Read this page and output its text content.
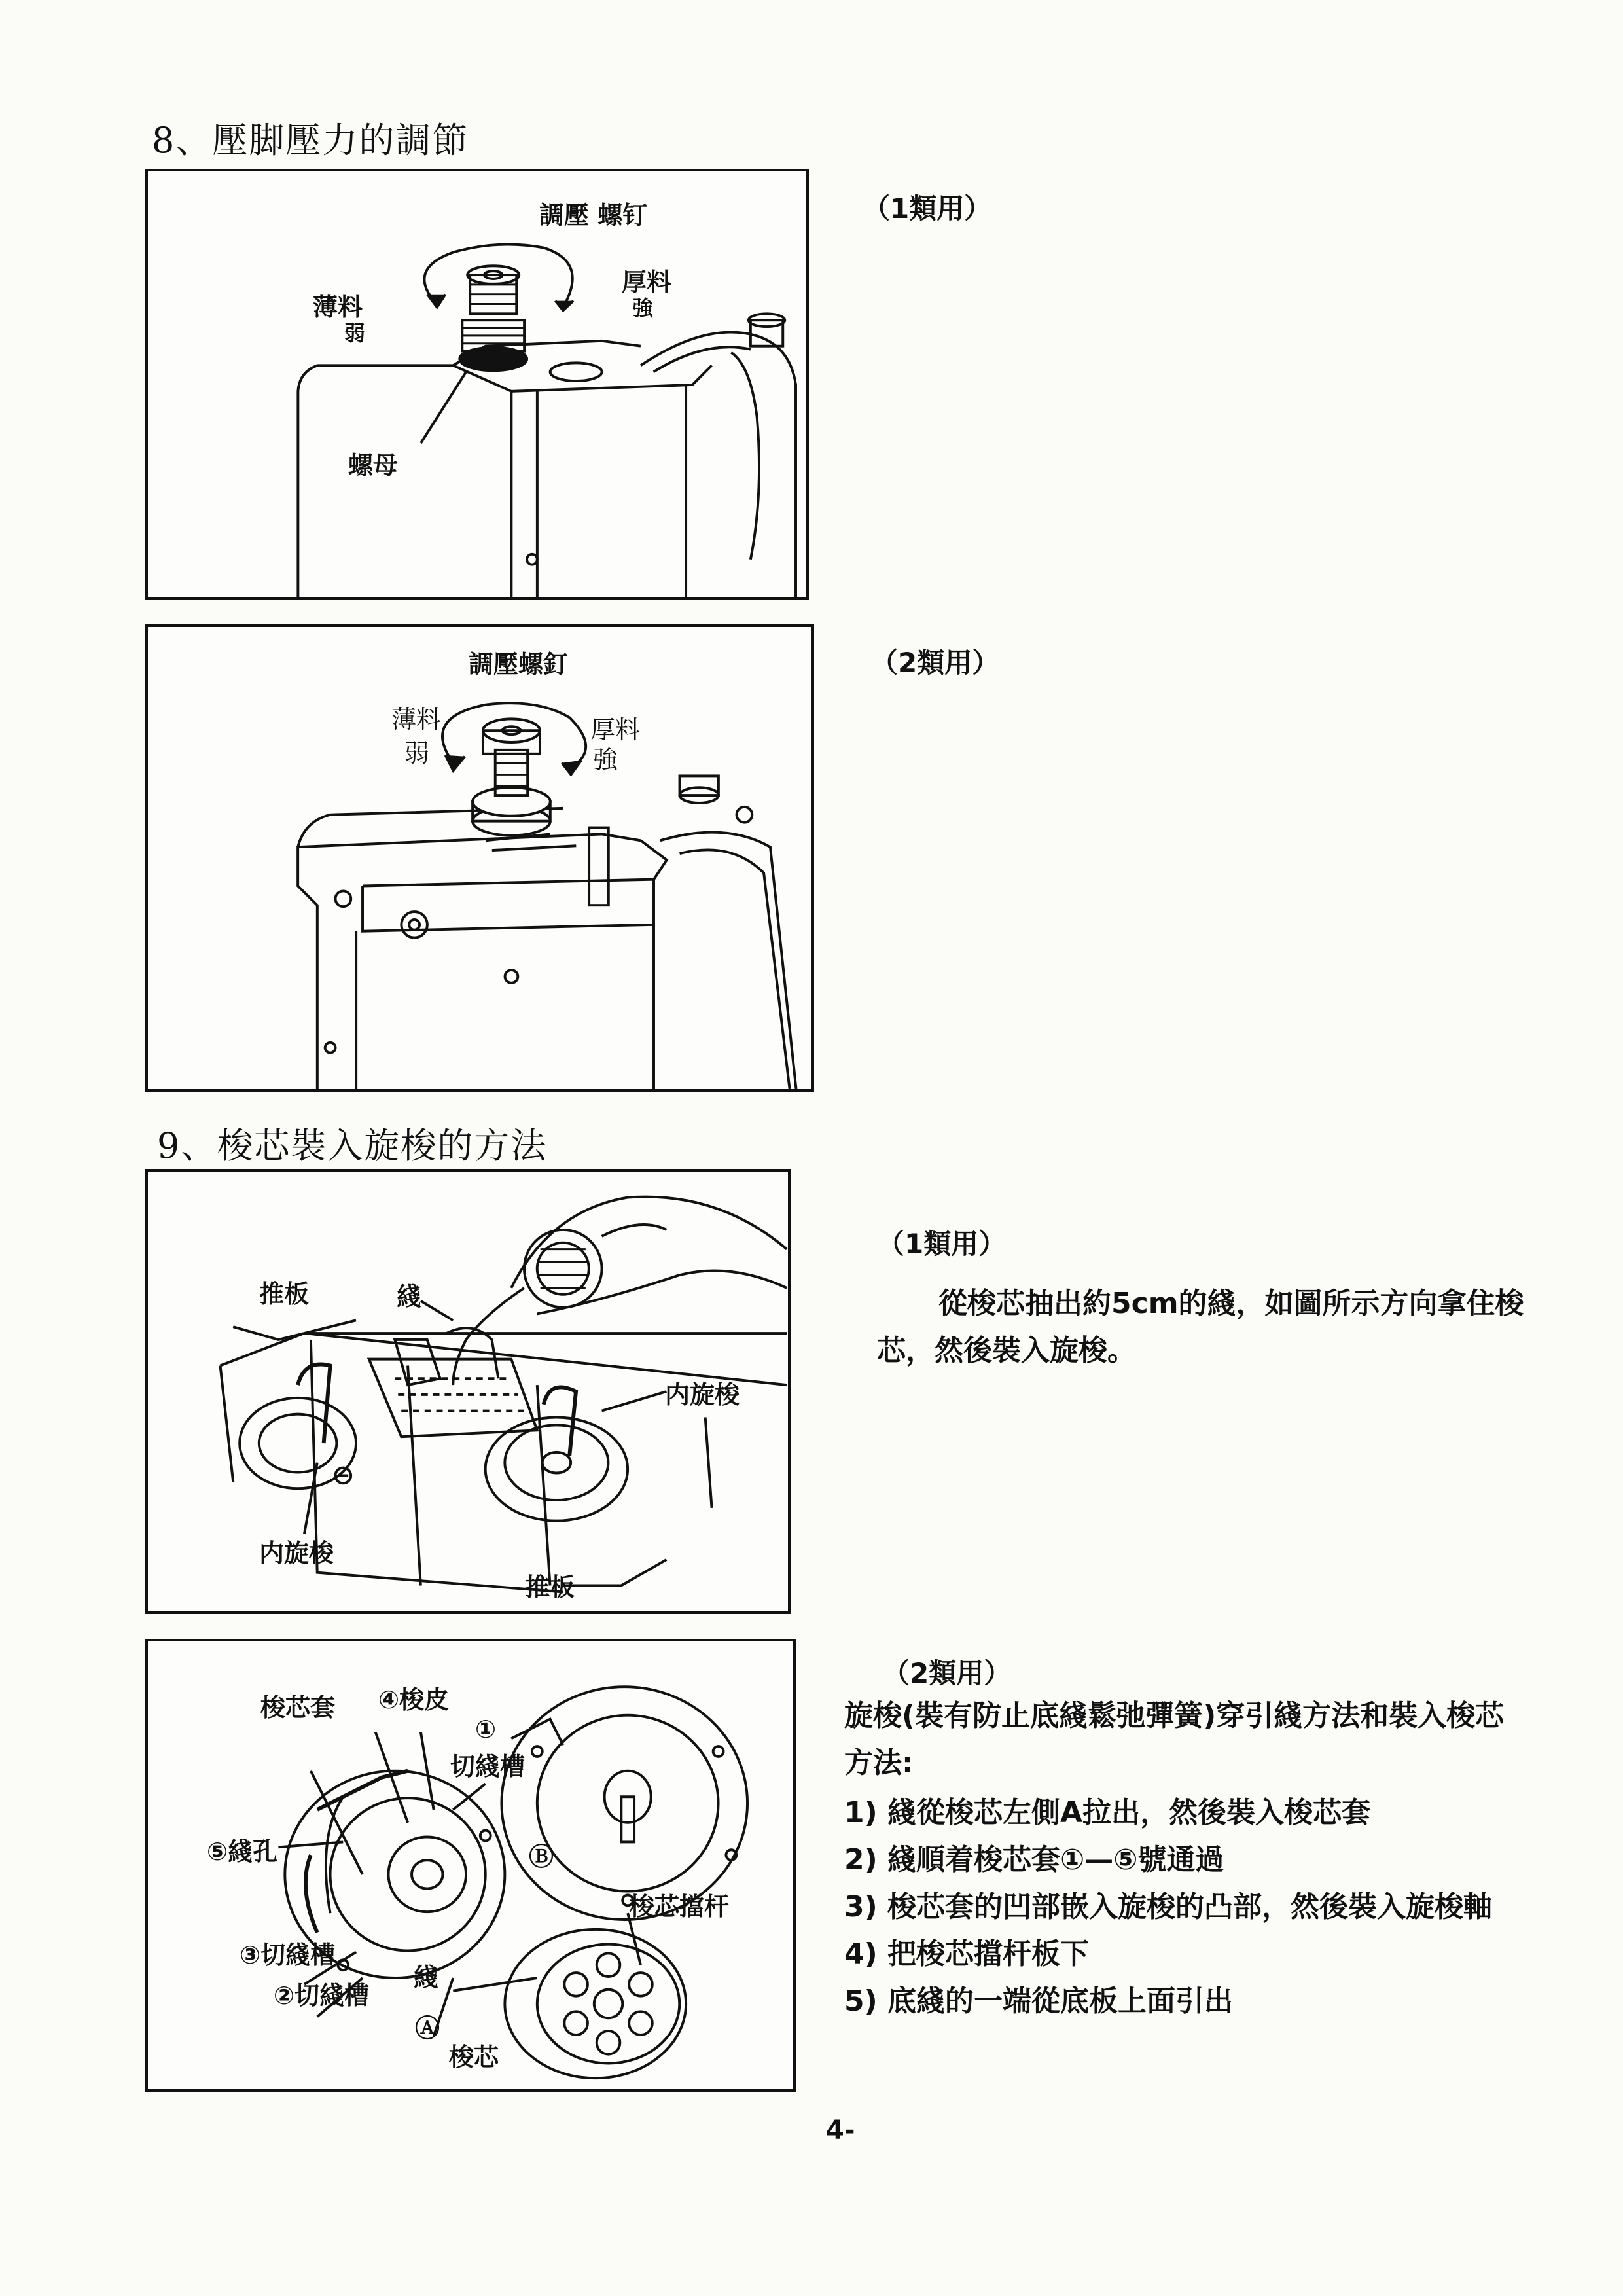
8、壓脚壓力的調節
調壓 螺钉
薄料
弱
厚料
強
螺母
（1類用）
調壓螺釘
薄料
弱
厚料
強
（2類用）
9、梭芯裝入旋梭的方法
推板	綫
内旋梭
内旋梭
推板
（1類用）
從梭芯抽出約5cm的綫，如圖所示方向拿住梭芯，然後裝入旋梭。
梭芯套 ④梭皮
①
切綫槽
⑤綫孔	Ⓑ
梭芯擋杆
③切綫槽
②切綫槽
綫
Ⓐ
梭芯
（2類用）
旋梭(裝有防止底綫鬆弛彈簧)穿引綫方法和裝入梭芯方法:
1) 綫從梭芯左側A拉出，然後裝入梭芯套
2) 綫順着梭芯套①—⑤號通過
3) 梭芯套的凹部嵌入旋梭的凸部，然後裝入旋梭軸
4) 把梭芯擋杆板下
5) 底綫的一端從底板上面引出
4-
